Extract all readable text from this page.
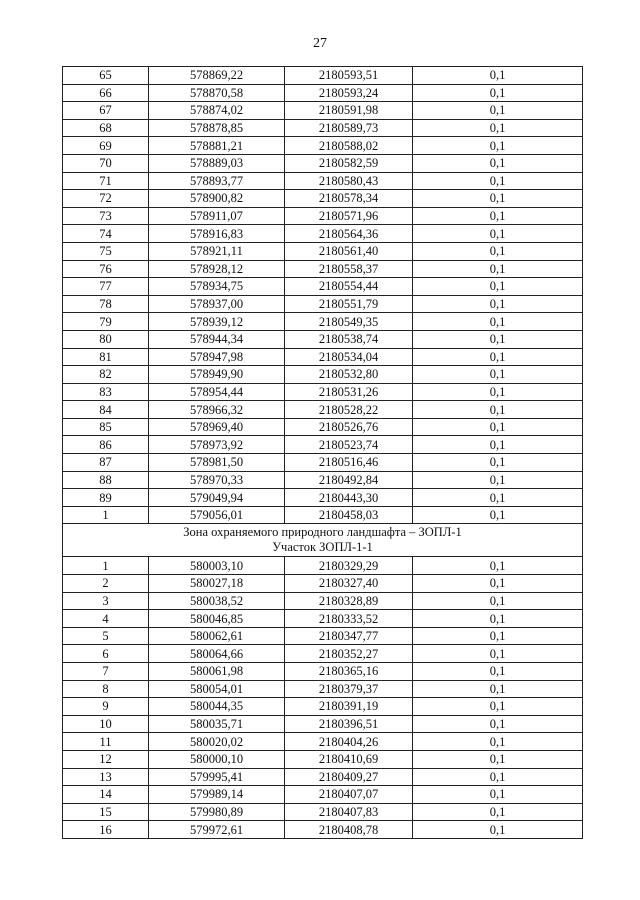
27
65	578869,22	2180593,51	0,1
66	578870,58	2180593,24	0,1
67	578874,02	2180591,98	0,1
68	578878,85	2180589,73	0,1
69	578881,21	2180588,02	0,1
70	578889,03	2180582,59	0,1
71	578893,77	2180580,43	0,1
72	578900,82	2180578,34	0,1
73	578911,07	2180571,96	0,1
74	578916,83	2180564,36	0,1
75	578921,11	2180561,40	0,1
76	578928,12	2180558,37	0,1
77	578934,75	2180554,44	0,1
78	578937,00	2180551,79	0,1
79	578939,12	2180549,35	0,1
80	578944,34	2180538,74	0,1
81	578947,98	2180534,04	0,1
82	578949,90	2180532,80	0,1
83	578954,44	2180531,26	0,1
84	578966,32	2180528,22	0,1
85	578969,40	2180526,76	0,1
86	578973,92	2180523,74	0,1
87	578981,50	2180516,46	0,1
88	578970,33	2180492,84	0,1
89	579049,94	2180443,30	0,1
1	579056,01	2180458,03	0,1

Зона охраняемого природного ландшафта – ЗОПЛ-1
Участок ЗОПЛ-1-1			

1	580003,10	2180329,29	0,1
2	580027,18	2180327,40	0,1
3	580038,52	2180328,89	0,1
4	580046,85	2180333,52	0,1
5	580062,61	2180347,77	0,1
6	580064,66	2180352,27	0,1
7	580061,98	2180365,16	0,1
8	580054,01	2180379,37	0,1
9	580044,35	2180391,19	0,1
10	580035,71	2180396,51	0,1
11	580020,02	2180404,26	0,1
12	580000,10	2180410,69	0,1
13	579995,41	2180409,27	0,1
14	579989,14	2180407,07	0,1
15	579980,89	2180407,83	0,1
16	579972,61	2180408,78	0,1
